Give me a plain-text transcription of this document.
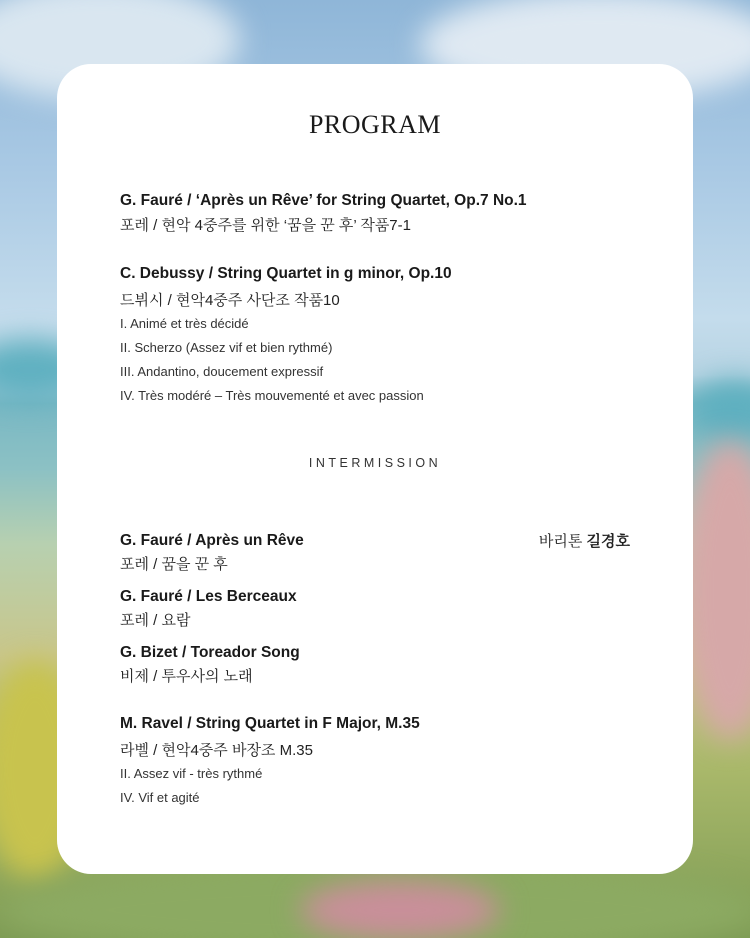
PROGRAM
G. Fauré / ‘Après un Rêve’ for String Quartet, Op.7 No.1
포레 / 현악 4중주를 위한 ‘꿈을 꾼 후’ 작품7-1
C. Debussy / String Quartet in g minor, Op.10
드뷔시 / 현악4중주 사단조 작품10
I. Animé et très décidé
II. Scherzo (Assez vif et bien rythmé)
III. Andantino, doucement expressif
IV. Très modéré – Très mouvementé et avec passion
INTERMISSION
G. Fauré / Après un Rêve
포레 / 꿈을 꾼 후
바리톤 길경호
G. Fauré / Les Berceaux
포레 / 요람
G. Bizet / Toreador Song
비제 / 투우사의 노래
M. Ravel / String Quartet in F Major, M.35
라벨 / 현악4중주 바장조 M.35
II. Assez vif - très rythmé
IV. Vif et agité
